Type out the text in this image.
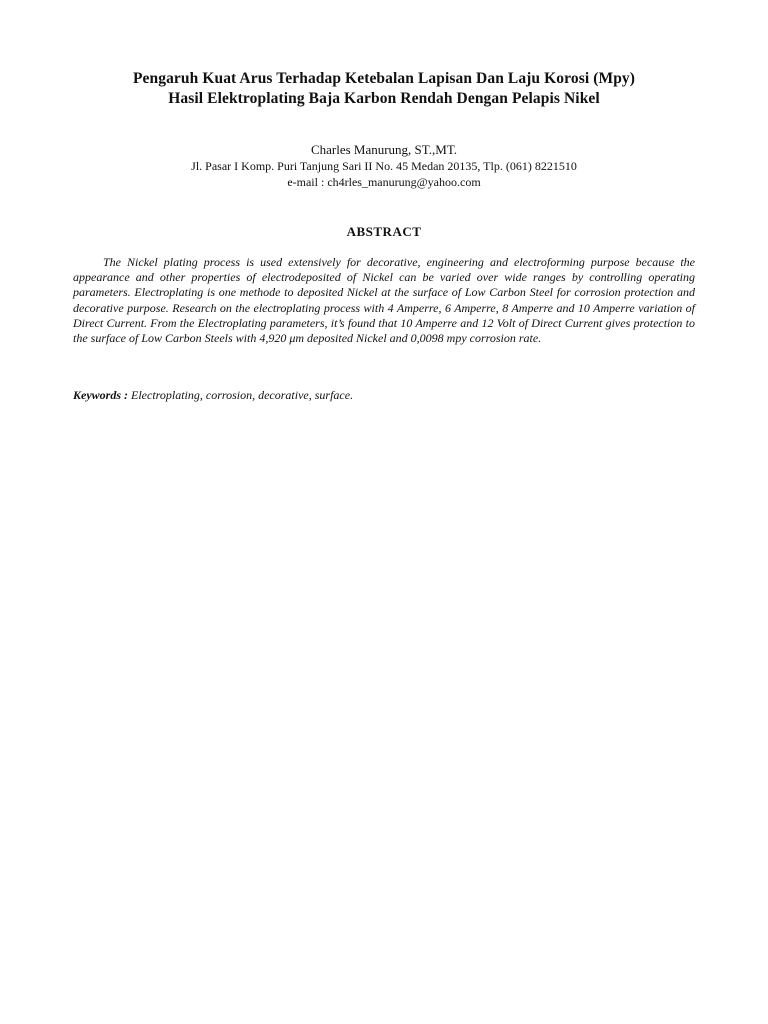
Pengaruh Kuat Arus Terhadap Ketebalan Lapisan Dan Laju Korosi (Mpy)
Hasil Elektroplating Baja Karbon Rendah Dengan Pelapis Nikel
Charles Manurung, ST.,MT.
Jl. Pasar I Komp. Puri Tanjung Sari II No. 45 Medan 20135, Tlp. (061) 8221510
e-mail : ch4rles_manurung@yahoo.com
ABSTRACT

The Nickel plating process is used extensively for decorative, engineering and electroforming purpose because the appearance and other properties of electrodeposited of Nickel can be varied over wide ranges by controlling operating parameters. Electroplating is one methode to deposited Nickel at the surface of Low Carbon Steel for corrosion protection and decorative purpose. Research on the electroplating process with 4 Amperre, 6 Amperre, 8 Amperre and 10 Amperre variation of Direct Current. From the Electroplating parameters, it’s found that 10 Amperre and 12 Volt of Direct Current gives protection to the surface of Low Carbon Steels with 4,920 μm deposited Nickel and 0,0098 mpy corrosion rate.

Keywords : Electroplating, corrosion, decorative, surface.
